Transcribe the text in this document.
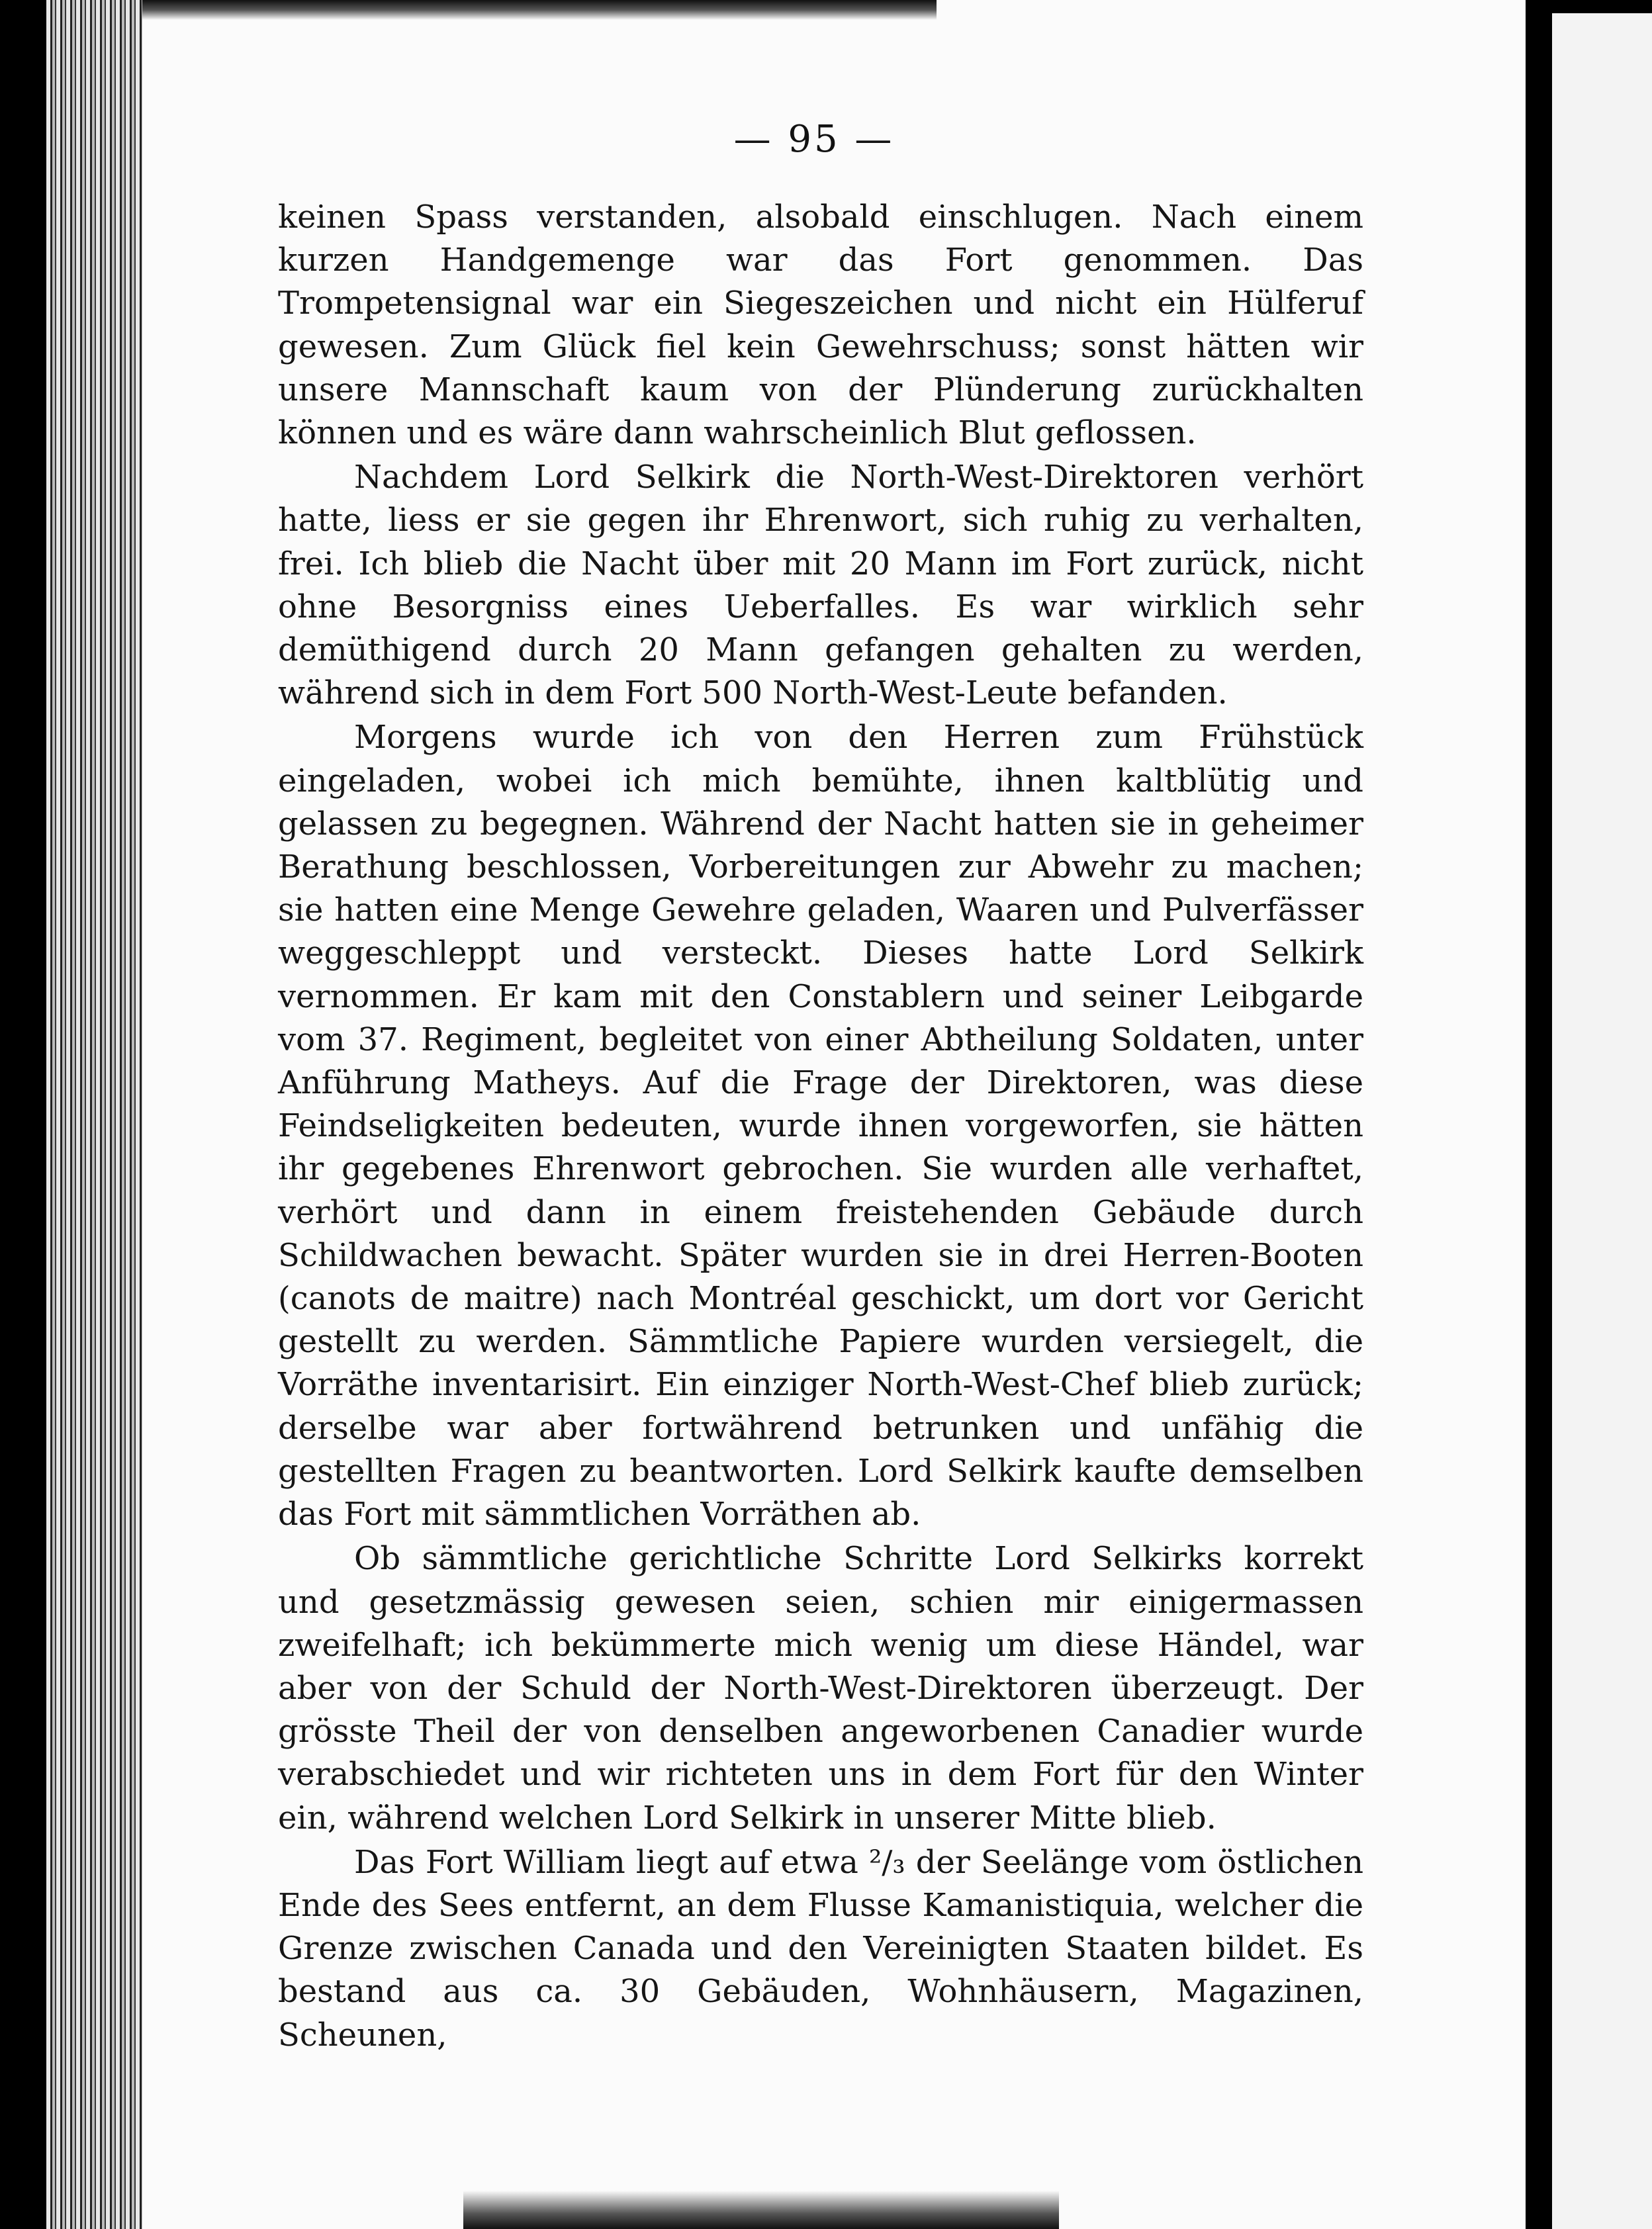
— 95 —

keinen Spass verstanden, alsobald einschlugen. Nach einem kurzen Handgemenge war das Fort genommen. Das Trompetensignal war ein Siegeszeichen und nicht ein Hülferuf gewesen. Zum Glück fiel kein Gewehrschuss; sonst hätten wir unsere Mannschaft kaum von der Plünderung zurückhalten können und es wäre dann wahrscheinlich Blut geflossen.

Nachdem Lord Selkirk die North-West-Direktoren verhört hatte, liess er sie gegen ihr Ehrenwort, sich ruhig zu verhalten, frei. Ich blieb die Nacht über mit 20 Mann im Fort zurück, nicht ohne Besorgniss eines Ueberfalles. Es war wirklich sehr demüthigend durch 20 Mann gefangen gehalten zu werden, während sich in dem Fort 500 North-West-Leute befanden.

Morgens wurde ich von den Herren zum Frühstück eingeladen, wobei ich mich bemühte, ihnen kaltblütig und gelassen zu begegnen. Während der Nacht hatten sie in geheimer Berathung beschlossen, Vorbereitungen zur Abwehr zu machen; sie hatten eine Menge Gewehre geladen, Waaren und Pulverfässer weggeschleppt und versteckt. Dieses hatte Lord Selkirk vernommen. Er kam mit den Constablern und seiner Leibgarde vom 37. Regiment, begleitet von einer Abtheilung Soldaten, unter Anführung Matheys. Auf die Frage der Direktoren, was diese Feindseligkeiten bedeuten, wurde ihnen vorgeworfen, sie hätten ihr gegebenes Ehrenwort gebrochen. Sie wurden alle verhaftet, verhört und dann in einem freistehenden Gebäude durch Schildwachen bewacht. Später wurden sie in drei Herren-Booten (canots de maitre) nach Montréal geschickt, um dort vor Gericht gestellt zu werden. Sämmtliche Papiere wurden versiegelt, die Vorräthe inventarisirt. Ein einziger North-West-Chef blieb zurück; derselbe war aber fortwährend betrunken und unfähig die gestellten Fragen zu beantworten. Lord Selkirk kaufte demselben das Fort mit sämmtlichen Vorräthen ab.

Ob sämmtliche gerichtliche Schritte Lord Selkirks korrekt und gesetzmässig gewesen seien, schien mir einigermassen zweifelhaft; ich bekümmerte mich wenig um diese Händel, war aber von der Schuld der North-West-Direktoren überzeugt. Der grösste Theil der von denselben angeworbenen Canadier wurde verabschiedet und wir richteten uns in dem Fort für den Winter ein, während welchen Lord Selkirk in unserer Mitte blieb.

Das Fort William liegt auf etwa ²/₃ der Seelänge vom östlichen Ende des Sees entfernt, an dem Flusse Kamanistiquia, welcher die Grenze zwischen Canada und den Vereinigten Staaten bildet. Es bestand aus ca. 30 Gebäuden, Wohnhäusern, Magazinen, Scheunen,
